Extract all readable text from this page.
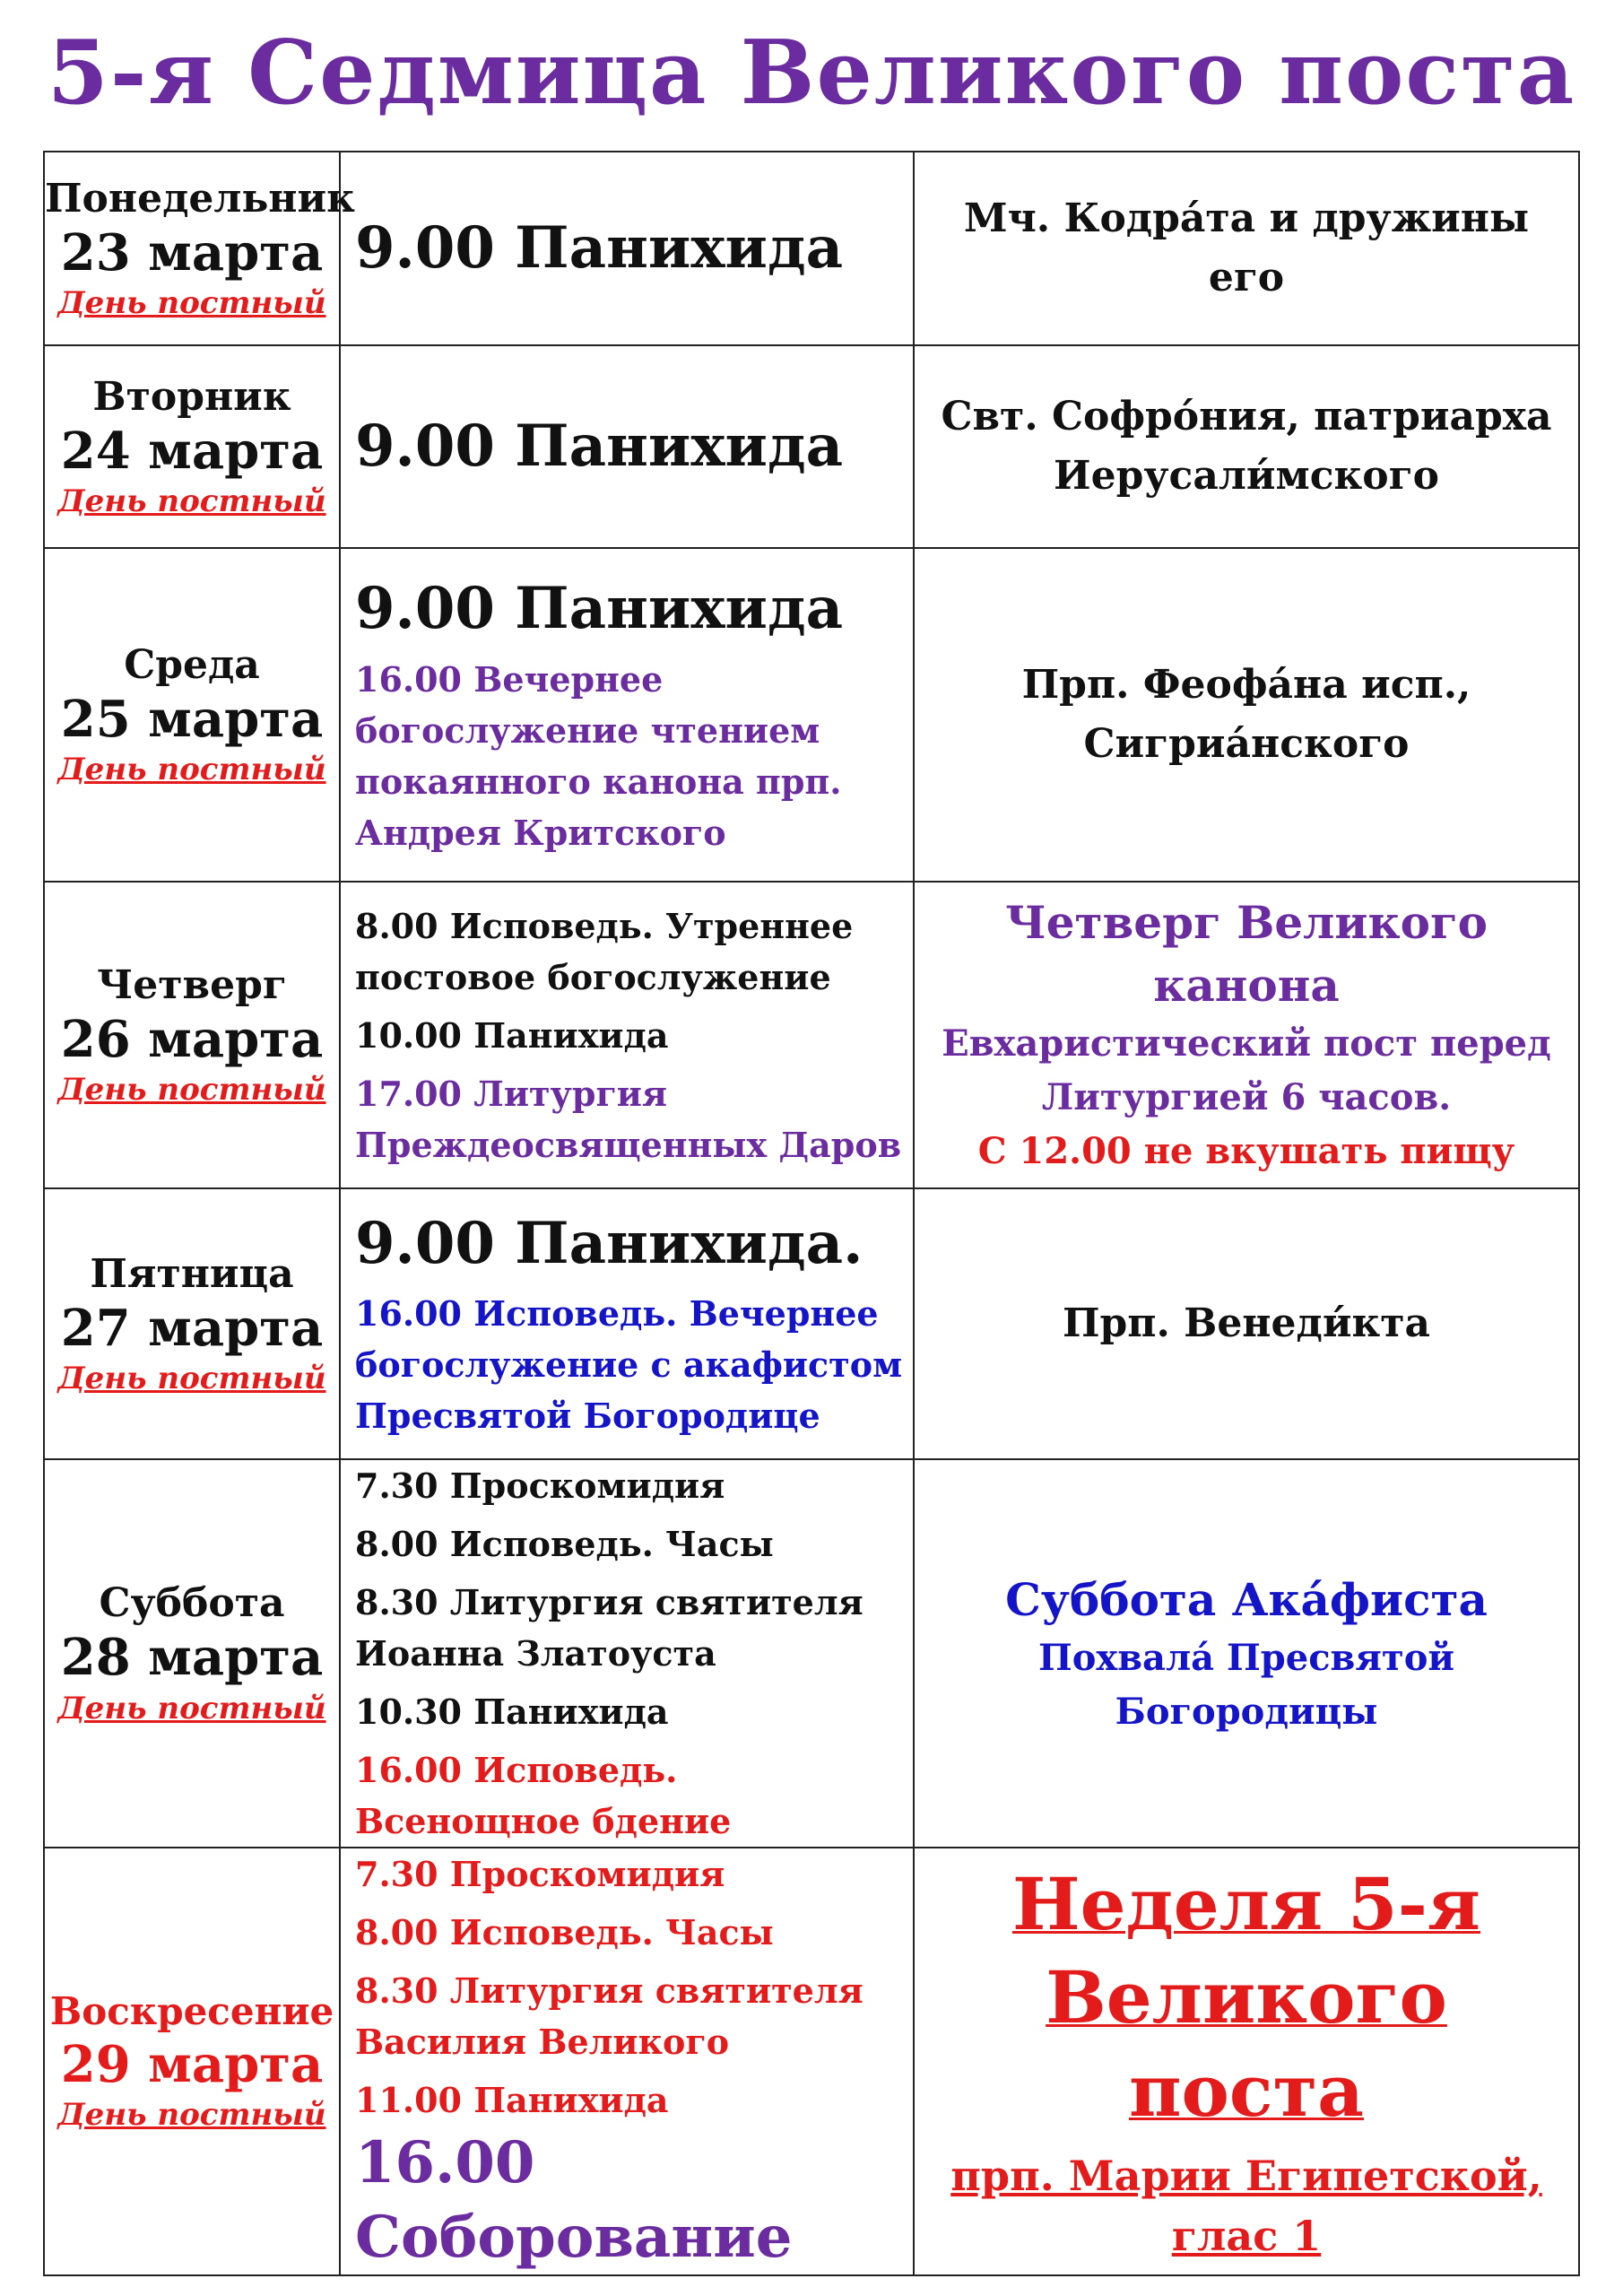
5-я Седмица Великого поста
Понедельник
23 марта
День постный	9.00 Панихида	Мч. Кодра́та и дружины его

Вторник
24 марта
День постный	9.00 Панихида	Свт. Софро́ния, патриарха Иерусали́мского

Среда
25 марта
День постный	9.00 Панихида
16.00 Вечернее богослужение чтением покаянного канона прп. Андрея Критского	Прп. Феофа́на исп., Сигриа́нского

Четверг
26 марта
День постный	8.00 Исповедь. Утреннее постовое богослужение
10.00 Панихида
17.00 Литургия Преждеосвященных Даров	Четверг Великого канона
Евхаристический пост перед Литургией 6 часов.
С 12.00 не вкушать пищу

Пятница
27 марта
День постный	9.00 Панихида.
16.00 Исповедь. Вечернее богослужение с акафистом Пресвятой Богородице	Прп. Венеди́кта

Суббота
28 марта
День постный	7.30 Проскомидия
8.00 Исповедь. Часы
8.30 Литургия святителя Иоанна Златоуста
10.30 Панихида
16.00 Исповедь. Всенощное бдение	Суббота Ака́фиста
Похвала́ Пресвятой Богородицы

Воскресение
29 марта
День постный	7.30 Проскомидия
8.00 Исповедь. Часы
8.30 Литургия святителя Василия Великого
11.00 Панихида
16.00 Соборование	Неделя 5-я Великого поста
прп. Марии Египетской, глас 1
